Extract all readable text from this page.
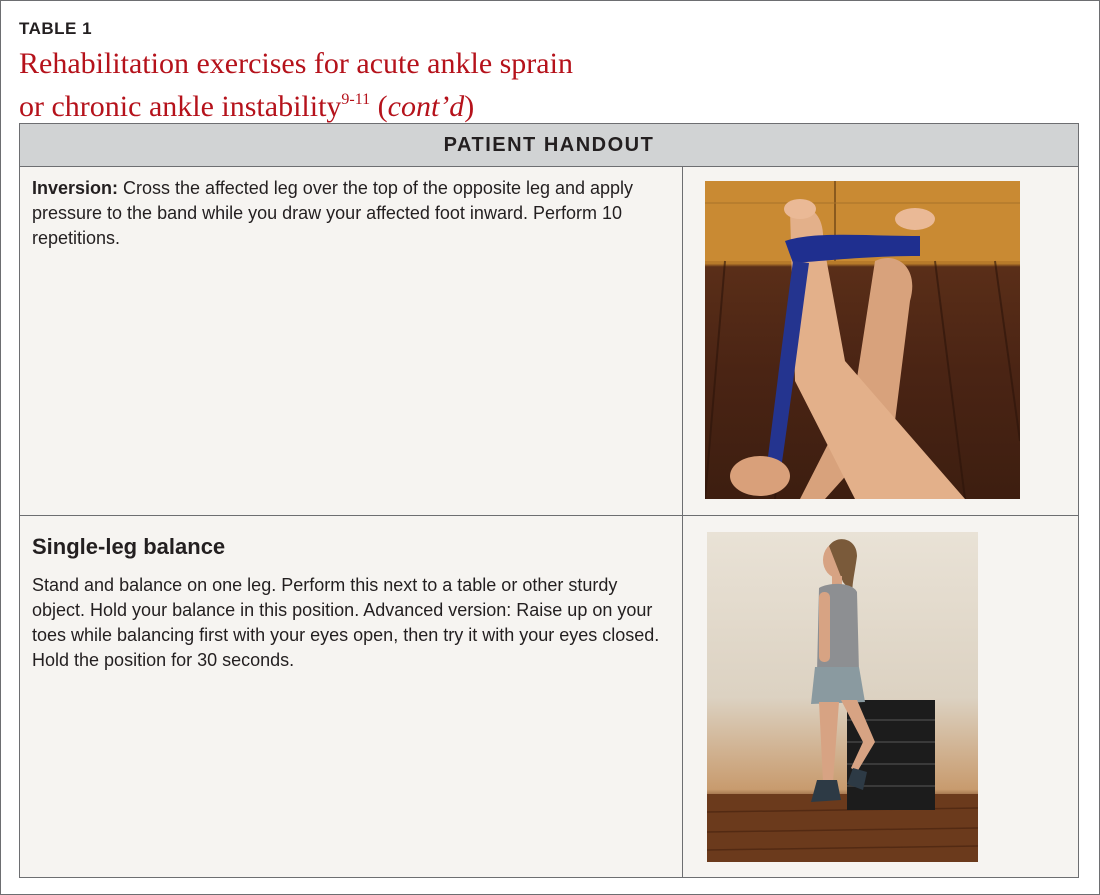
TABLE 1
Rehabilitation exercises for acute ankle sprain
or chronic ankle instability$^{9-11}$ (cont’d)
PATIENT HANDOUT
Inversion: Cross the affected leg over the top of the opposite leg and apply pressure to the band while you draw your affected foot inward. Perform 10 repetitions.
Single-leg balance
Stand and balance on one leg. Perform this next to a table or other sturdy object. Hold your balance in this position. Advanced version: Raise up on your toes while balancing first with your eyes open, then try it with your eyes closed. Hold the position for 30 seconds.
